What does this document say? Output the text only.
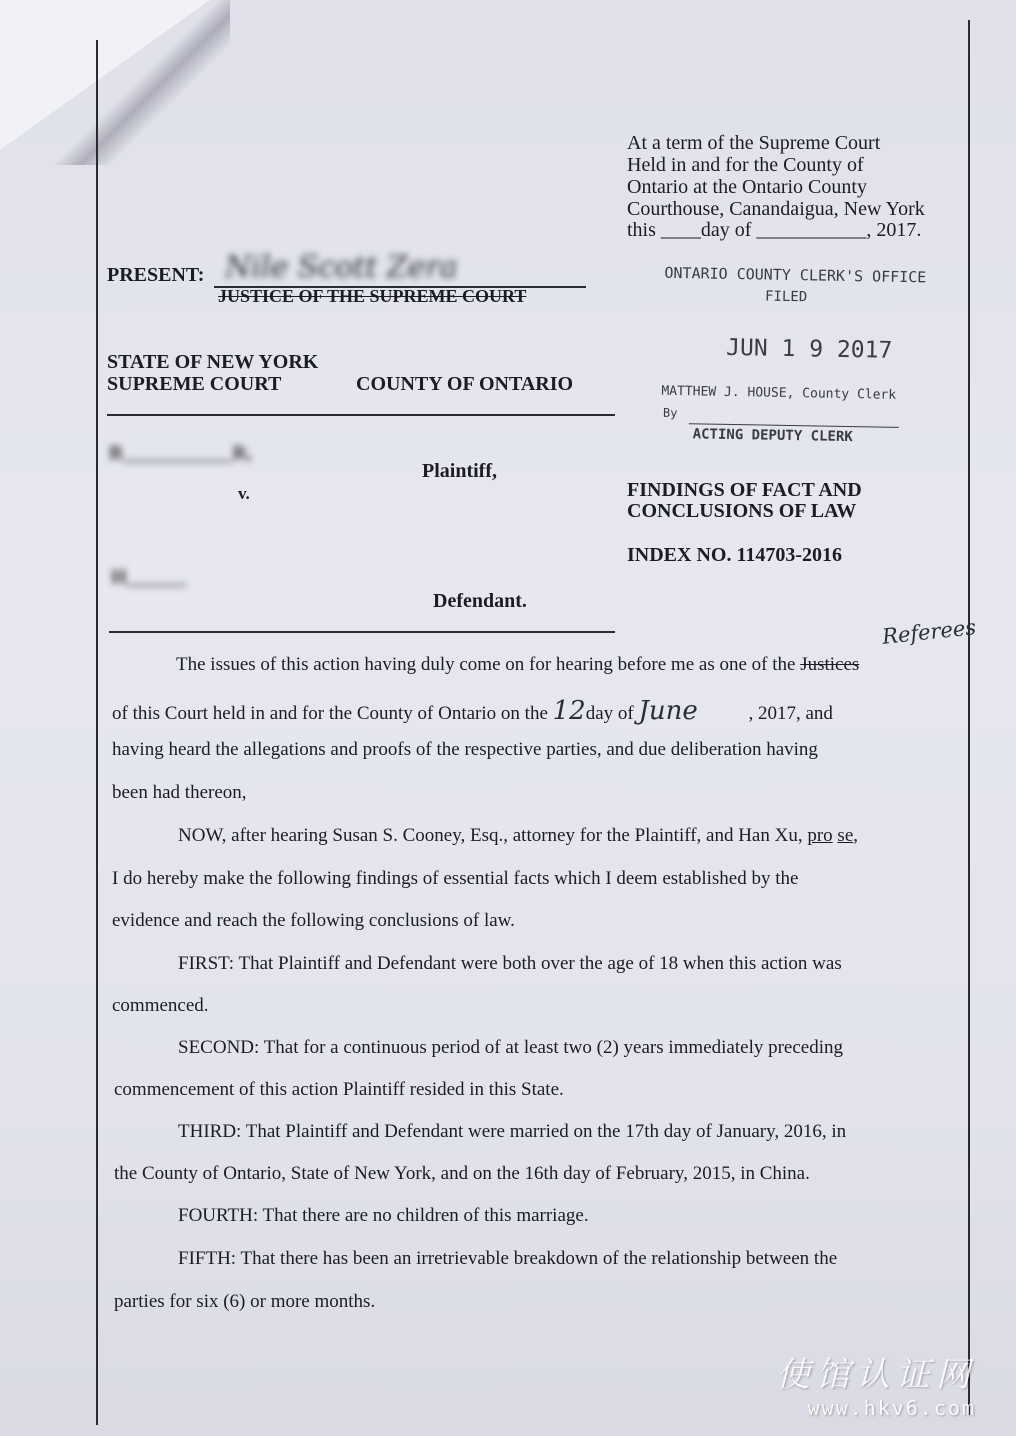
At a term of the Supreme Court
Held in and for the County of
Ontario at the Ontario County
Courthouse, Canandaigua, New York
this ____day of ___________, 2017.
PRESENT: Nile Scott Zera
JUSTICE OF THE SUPREME COURT
STATE OF NEW YORK
SUPREME COURT	COUNTY OF ONTARIO
B___________R,
Plaintiff,
v.
H______
Defendant.
ONTARIO COUNTY CLERK'S OFFICE
FILED
JUN 1 9 2017
MATTHEW J. HOUSE, County Clerk
By
ACTING DEPUTY CLERK
FINDINGS OF FACT AND
CONCLUSIONS OF LAW
INDEX NO. 114703-2016
The issues of this action having duly come on for hearing before me as one of the Justices
Referees
of this Court held in and for the County of Ontario on the 12day of June	, 2017, and
having heard the allegations and proofs of the respective parties, and due deliberation having
been had thereon,
NOW, after hearing Susan S. Cooney, Esq., attorney for the Plaintiff, and Han Xu, pro se,
I do hereby make the following findings of essential facts which I deem established by the
evidence and reach the following conclusions of law.
FIRST: That Plaintiff and Defendant were both over the age of 18 when this action was
commenced.
SECOND: That for a continuous period of at least two (2) years immediately preceding
commencement of this action Plaintiff resided in this State.
THIRD: That Plaintiff and Defendant were married on the 17th day of January, 2016, in
the County of Ontario, State of New York, and on the 16th day of February, 2015, in China.
FOURTH: That there are no children of this marriage.
FIFTH: That there has been an irretrievable breakdown of the relationship between the
parties for six (6) or more months.
使馆认证网
www.hkv6.com
